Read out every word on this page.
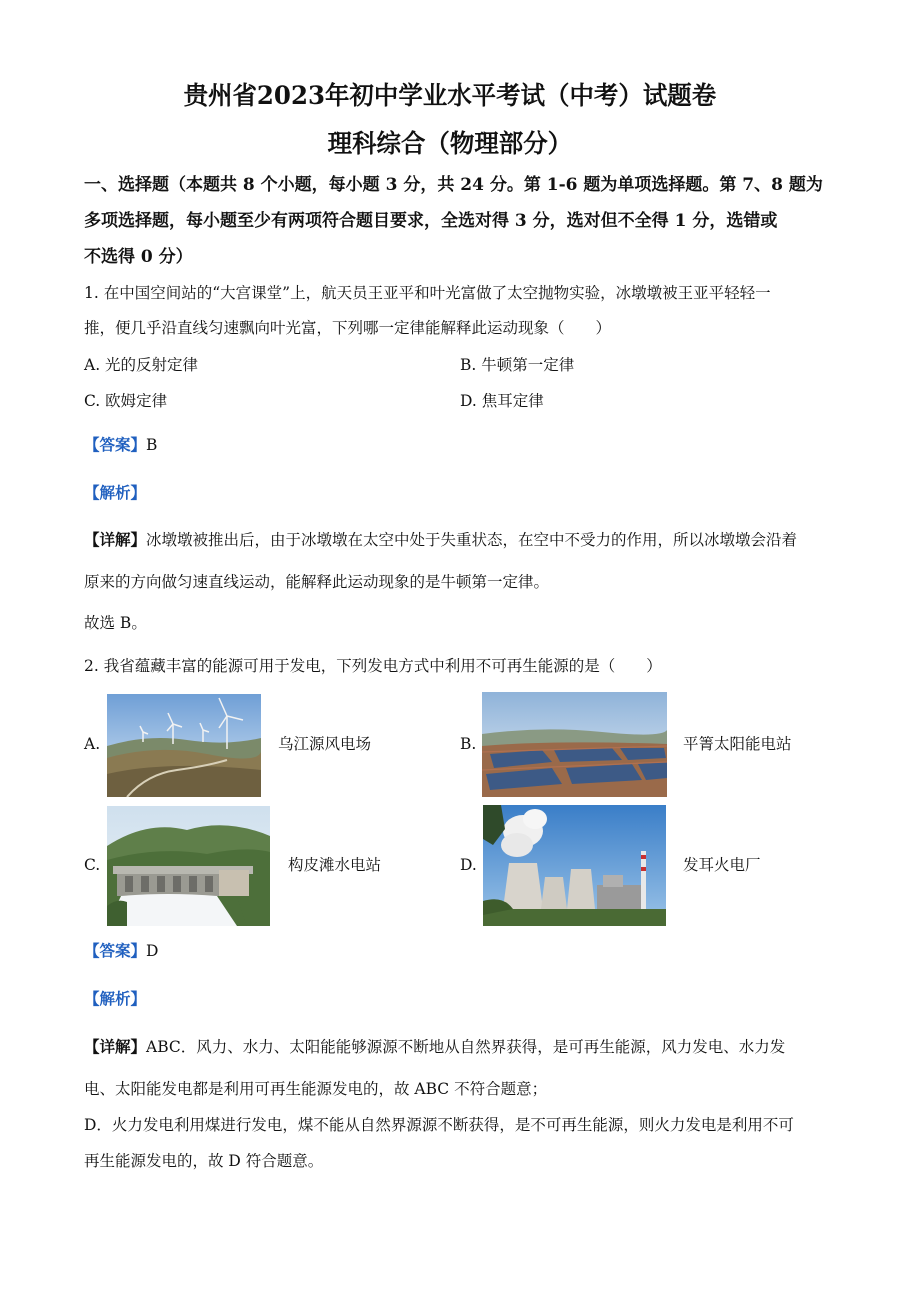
贵州省2023年初中学业水平考试（中考）试题卷
理科综合（物理部分）
一、选择题（本题共 8 个小题，每小题 3 分，共 24 分。第 1-6 题为单项选择题。第 7、8 题为
多项选择题，每小题至少有两项符合题目要求，全选对得 3 分，选对但不全得 1 分，选错或
不选得 0 分）
1. 在中国空间站的“大宫课堂”上，航天员王亚平和叶光富做了太空抛物实验，冰墩墩被王亚平轻轻一
推，便几乎沿直线匀速飘向叶光富，下列哪一定律能解释此运动现象（　　）
A. 光的反射定律	B. 牛顿第一定律
C. 欧姆定律	D. 焦耳定律
【答案】B
【解析】
【详解】冰墩墩被推出后，由于冰墩墩在太空中处于失重状态，在空中不受力的作用，所以冰墩墩会沿着
原来的方向做匀速直线运动，能解释此运动现象的是牛顿第一定律。
故选 B。
2. 我省蕴藏丰富的能源可用于发电，下列发电方式中利用不可再生能源的是（　　）
A.	乌江源风电场	B.	平箐太阳能电站
C.	构皮滩水电站	D.	发耳火电厂
【答案】D
【解析】
【详解】ABC．风力、水力、太阳能能够源源不断地从自然界获得，是可再生能源，风力发电、水力发
电、太阳能发电都是利用可再生能源发电的，故 ABC 不符合题意；
D．火力发电利用煤进行发电，煤不能从自然界源源不断获得，是不可再生能源，则火力发电是利用不可
再生能源发电的，故 D 符合题意。
